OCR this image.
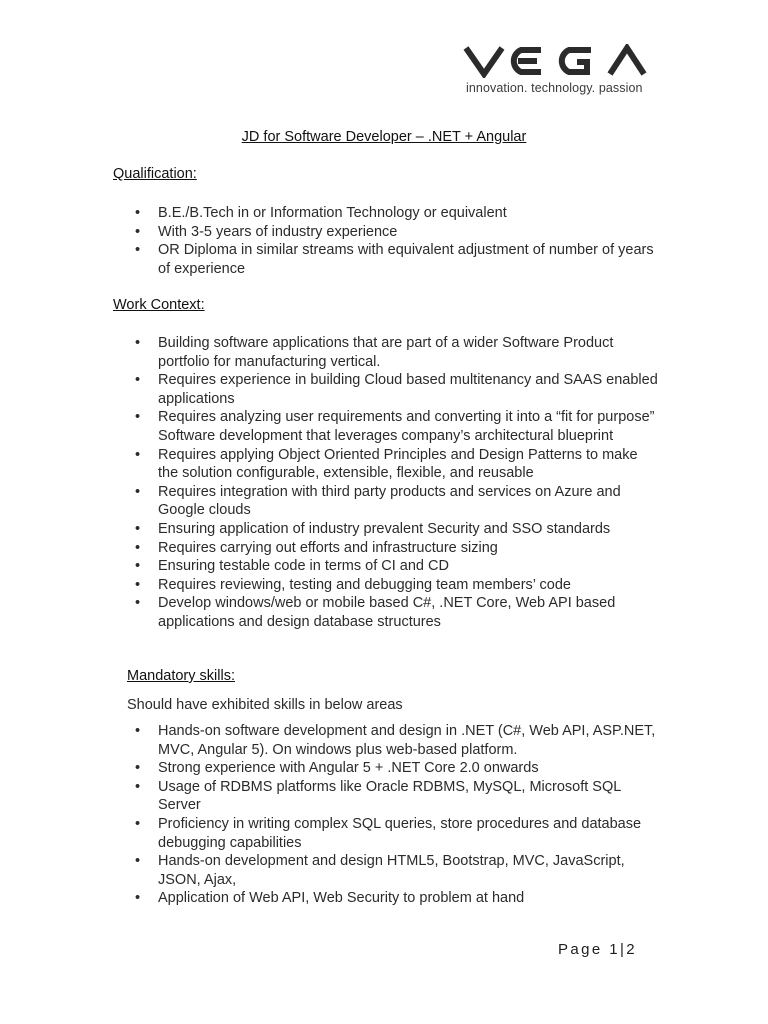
innovation. technology. passion
JD for Software Developer – .NET + Angular
Qualification:
• B.E./B.Tech in or Information Technology or equivalent
• With 3-5 years of industry experience
• OR Diploma in similar streams with equivalent adjustment of number of years of experience
Work Context:
• Building software applications that are part of a wider Software Product portfolio for manufacturing vertical.
• Requires experience in building Cloud based multitenancy and SAAS enabled applications
• Requires analyzing user requirements and converting it into a “fit for purpose” Software development that leverages company’s architectural blueprint
• Requires applying Object Oriented Principles and Design Patterns to make the solution configurable, extensible, flexible, and reusable
• Requires integration with third party products and services on Azure and Google clouds
• Ensuring application of industry prevalent Security and SSO standards
• Requires carrying out efforts and infrastructure sizing
• Ensuring testable code in terms of CI and CD
• Requires reviewing, testing and debugging team members’ code
• Develop windows/web or mobile based C#, .NET Core, Web API based applications and design database structures
Mandatory skills:
Should have exhibited skills in below areas
• Hands-on software development and design in .NET (C#, Web API, ASP.NET, MVC, Angular 5). On windows plus web-based platform.
• Strong experience with Angular 5 + .NET Core 2.0 onwards
• Usage of RDBMS platforms like Oracle RDBMS, MySQL, Microsoft SQL Server
• Proficiency in writing complex SQL queries, store procedures and database debugging capabilities
• Hands-on development and design HTML5, Bootstrap, MVC, JavaScript, JSON, Ajax,
• Application of Web API, Web Security to problem at hand
Page 1|2
